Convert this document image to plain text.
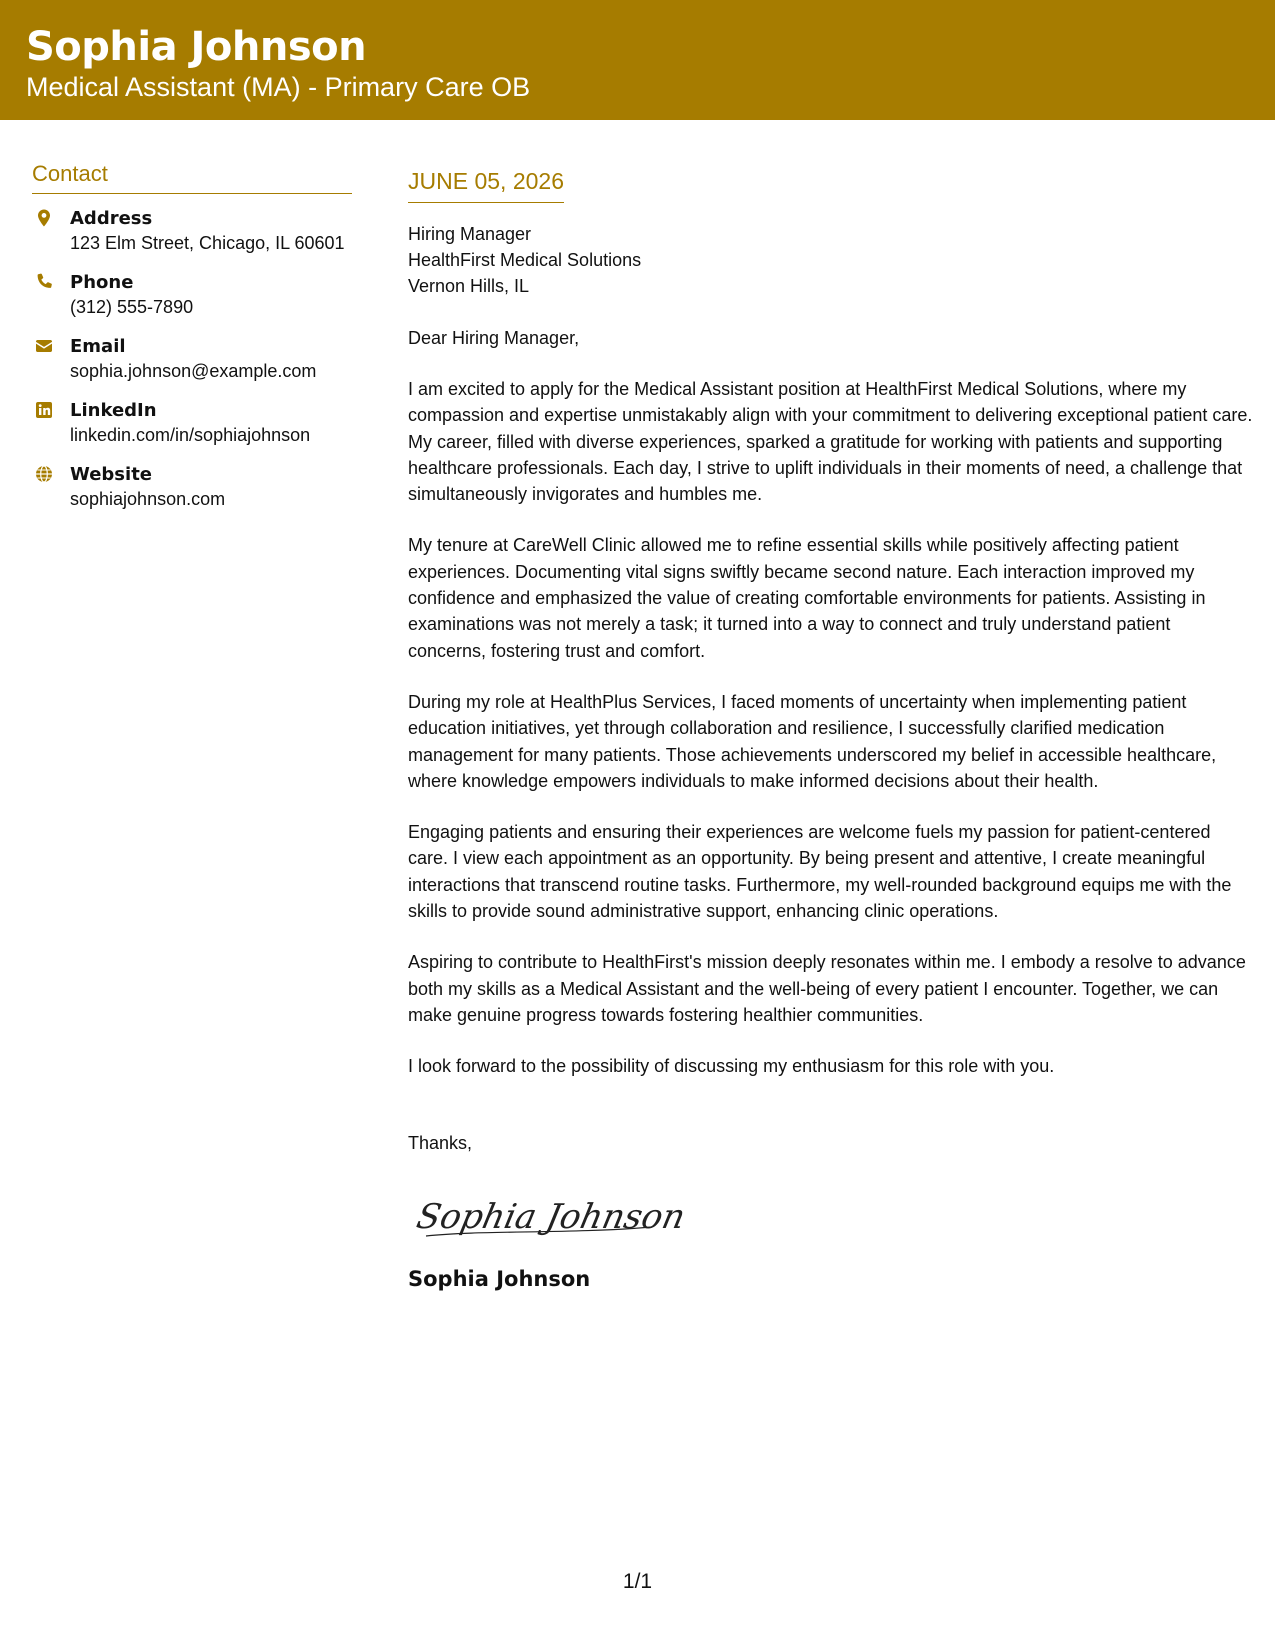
Sophia Johnson
Medical Assistant (MA) - Primary Care OB
Contact
Address
123 Elm Street, Chicago, IL 60601
Phone
(312) 555-7890
Email
sophia.johnson@example.com
LinkedIn
linkedin.com/in/sophiajohnson
Website
sophiajohnson.com
JUNE 05, 2026
Hiring Manager
HealthFirst Medical Solutions
Vernon Hills, IL
Dear Hiring Manager,
I am excited to apply for the Medical Assistant position at HealthFirst Medical Solutions, where my compassion and expertise unmistakably align with your commitment to delivering exceptional patient care. My career, filled with diverse experiences, sparked a gratitude for working with patients and supporting healthcare professionals. Each day, I strive to uplift individuals in their moments of need, a challenge that simultaneously invigorates and humbles me.
My tenure at CareWell Clinic allowed me to refine essential skills while positively affecting patient experiences. Documenting vital signs swiftly became second nature. Each interaction improved my confidence and emphasized the value of creating comfortable environments for patients. Assisting in examinations was not merely a task; it turned into a way to connect and truly understand patient concerns, fostering trust and comfort.
During my role at HealthPlus Services, I faced moments of uncertainty when implementing patient education initiatives, yet through collaboration and resilience, I successfully clarified medication management for many patients. Those achievements underscored my belief in accessible healthcare, where knowledge empowers individuals to make informed decisions about their health.
Engaging patients and ensuring their experiences are welcome fuels my passion for patient-centered care. I view each appointment as an opportunity. By being present and attentive, I create meaningful interactions that transcend routine tasks. Furthermore, my well-rounded background equips me with the skills to provide sound administrative support, enhancing clinic operations.
Aspiring to contribute to HealthFirst's mission deeply resonates within me. I embody a resolve to advance both my skills as a Medical Assistant and the well-being of every patient I encounter. Together, we can make genuine progress towards fostering healthier communities.
I look forward to the possibility of discussing my enthusiasm for this role with you.
Thanks,
Sophia Johnson
Sophia Johnson
1/1
